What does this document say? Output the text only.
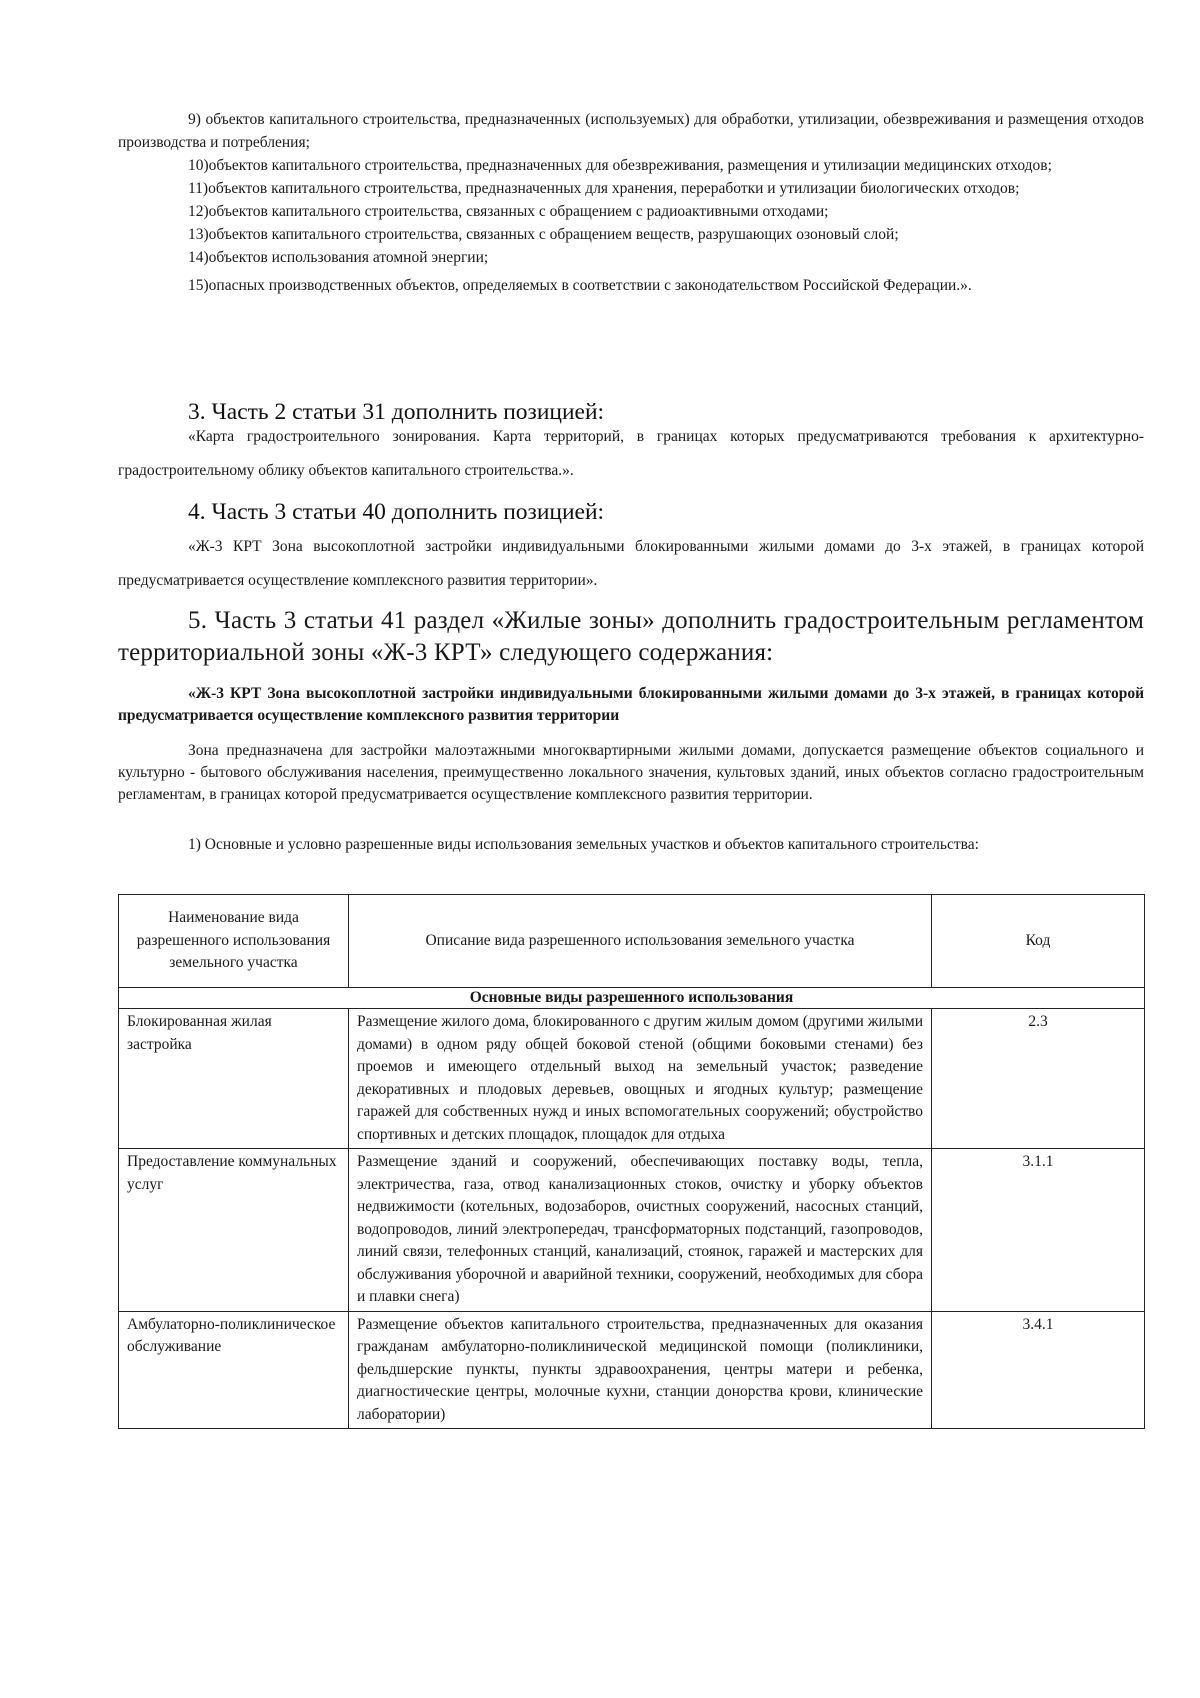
9) объектов капитального строительства, предназначенных (используемых) для обработки, утилизации, обезвреживания и размещения отходов производства и потребления;

10)объектов капитального строительства, предназначенных для обезвреживания, размещения и утилизации медицинских отходов;

11)объектов капитального строительства, предназначенных для хранения, переработки и утилизации биологических отходов;

12)объектов капитального строительства, связанных с обращением с радиоактивными отходами;

13)объектов капитального строительства, связанных с обращением веществ, разрушающих озоновый слой;

14)объектов использования атомной энергии;

15)опасных производственных объектов, определяемых в соответствии с законодательством Российской Федерации.».

3. Часть 2 статьи 31 дополнить позицией:

«Карта градостроительного зонирования. Карта территорий, в границах которых предусматриваются требования к архитектурно-градостроительному облику объектов капитального строительства.».

4. Часть 3 статьи 40 дополнить позицией:

«Ж-3 КРТ Зона высокоплотной застройки индивидуальными блокированными жилыми домами до 3-х этажей, в границах которой предусматривается осуществление комплексного развития территории».

5. Часть 3 статьи 41 раздел «Жилые зоны» дополнить градостроительным регламентом территориальной зоны «Ж-3 КРТ» следующего содержания:

«Ж-3 КРТ Зона высокоплотной застройки индивидуальными блокированными жилыми домами до 3-х этажей, в границах которой предусматривается осуществление комплексного развития территории

Зона предназначена для застройки малоэтажными многоквартирными жилыми домами, допускается размещение объектов социального и культурно - бытового обслуживания населения, преимущественно локального значения, культовых зданий, иных объектов согласно градостроительным регламентам, в границах которой предусматривается осуществление комплексного развития территории.

1) Основные и условно разрешенные виды использования земельных участков и объектов капитального строительства:

Наименование вида разрешенного использования земельного участка	Описание вида разрешенного использования земельного участка	Код
Основные виды разрешенного использования		
Блокированная жилая застройка	Размещение жилого дома, блокированного с другим жилым домом (другими жилыми домами) в одном ряду общей боковой стеной (общими боковыми стенами) без проемов и имеющего отдельный выход на земельный участок; разведение декоративных и плодовых деревьев, овощных и ягодных культур; размещение гаражей для собственных нужд и иных вспомогательных сооружений; обустройство спортивных и детских площадок, площадок для отдыха	2.3
Предоставление коммунальных услуг	Размещение зданий и сооружений, обеспечивающих поставку воды, тепла, электричества, газа, отвод канализационных стоков, очистку и уборку объектов недвижимости (котельных, водозаборов, очистных сооружений, насосных станций, водопроводов, линий электропередач, трансформаторных подстанций, газопроводов, линий связи, телефонных станций, канализаций, стоянок, гаражей и мастерских для обслуживания уборочной и аварийной техники, сооружений, необходимых для сбора и плавки снега)	3.1.1
Амбулаторно-поликлиническое обслуживание	Размещение объектов капитального строительства, предназначенных для оказания гражданам амбулаторно-поликлинической медицинской помощи (поликлиники, фельдшерские пункты, пункты здравоохранения, центры матери и ребенка, диагностические центры, молочные кухни, станции донорства крови, клинические лаборатории)	3.4.1
